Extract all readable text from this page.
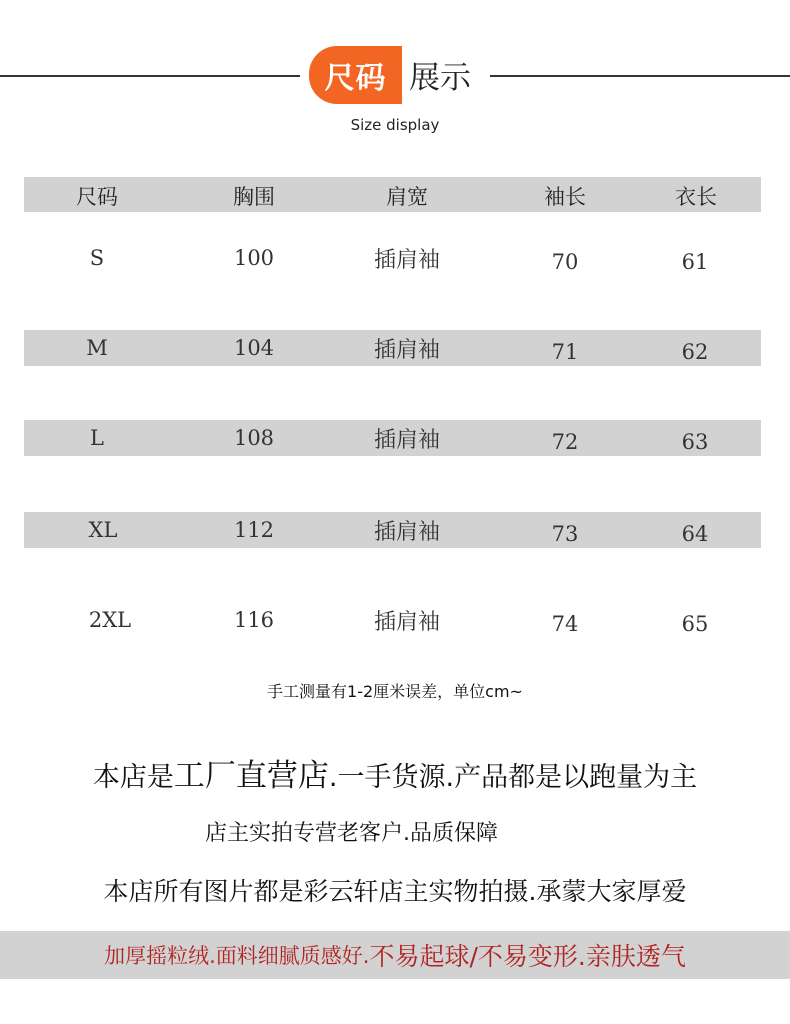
尺码 展示
Size display
尺码	胸围	肩宽	袖长	衣长
S	100	插肩袖	70	61
M	104	插肩袖	71	62
L	108	插肩袖	72	63
XL	112	插肩袖	73	64
2XL	116	插肩袖	74	65
手工测量有1-2厘米误差，单位cm~
本店是工厂直营店.一手货源.产品都是以跑量为主
店主实拍专营老客户.品质保障
本店所有图片都是彩云轩店主实物拍摄.承蒙大家厚爱
加厚摇粒绒.面料细腻质感好. 不易起球/不易变形.亲肤透气
